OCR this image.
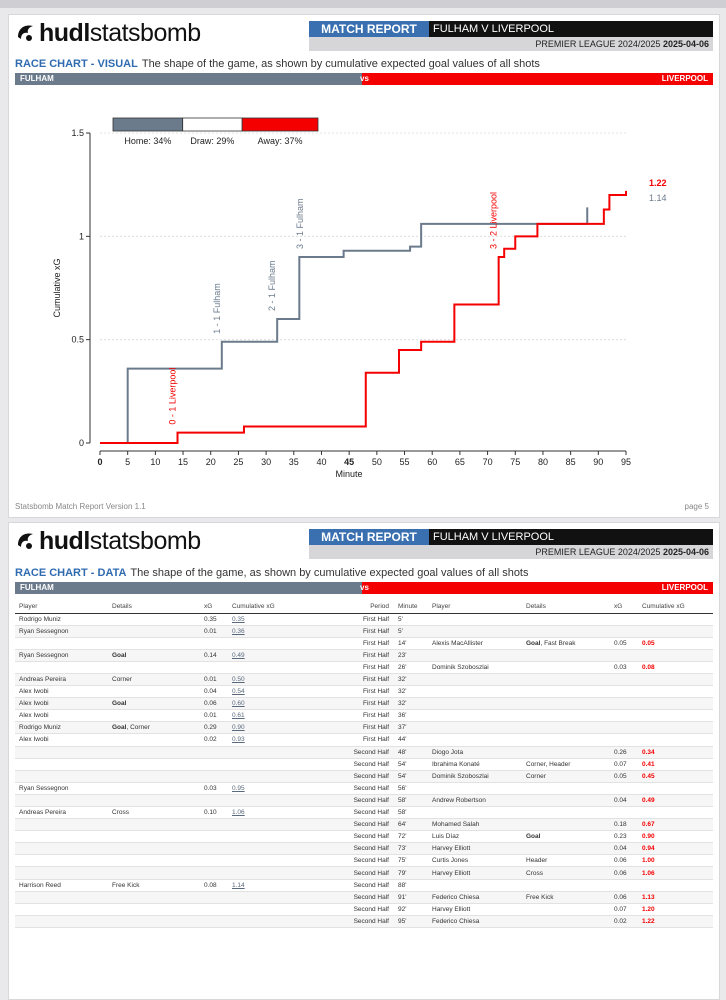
hudlstatsbomb	MATCH REPORT	FULHAM V LIVERPOOL
PREMIER LEAGUE 2024/2025 2025-04-06
RACE CHART - VISUAL The shape of the game, as shown by cumulative expected goal values of all shots
FULHAM	LIVERPOOL
vs
0
0.5
1
1.5
0	5 10 15 20 25 30 35 40 45 50 55 60 65 70 75 80 85 90 95
Minute
Cumulative xG
Home: 34% Draw: 29%	Away: 37%
1.14
1.22
0 - 1 Liverpool
1 - 1 Fulham	2 - 1 Fulham
3 - 1 Fulham	3 - 2 Liverpool
Statsbomb Match Report Version 1.1	page 5
hudlstatsbomb	MATCH REPORT	FULHAM V LIVERPOOL
PREMIER LEAGUE 2024/2025 2025-04-06
RACE CHART - DATA The shape of the game, as shown by cumulative expected goal values of all shots
FULHAM	LIVERPOOL
vs
Player	Details	xG	Cumulative xG	Period	Minute	Player	Details	xG	Cumulative xG
Rodrigo Muniz		0.35	0.35	First Half	5'				
Ryan Sessegnon		0.01	0.36	First Half	5'				
				First Half	14'	Alexis MacAllister	Goal, Fast Break	0.05	0.05
Ryan Sessegnon	Goal	0.14	0.49	First Half	23'				
				First Half	26'	Dominik Szoboszlai		0.03	0.08
Andreas Pereira	Corner	0.01	0.50	First Half	32'				
Alex Iwobi		0.04	0.54	First Half	32'				
Alex Iwobi	Goal	0.06	0.60	First Half	32'				
Alex Iwobi		0.01	0.61	First Half	36'				
Rodrigo Muniz	Goal, Corner	0.29	0.90	First Half	37'				
Alex Iwobi		0.02	0.93	First Half	44'				
				Second Half	48'	Diogo Jota		0.26	0.34
				Second Half	54'	Ibrahima Konaté	Corner, Header	0.07	0.41
				Second Half	54'	Dominik Szoboszlai	Corner	0.05	0.45
Ryan Sessegnon		0.03	0.95	Second Half	56'				
				Second Half	58'	Andrew Robertson		0.04	0.49
Andreas Pereira	Cross	0.10	1.06	Second Half	58'				
				Second Half	64'	Mohamed Salah		0.18	0.67
				Second Half	72'	Luis Díaz	Goal	0.23	0.90
				Second Half	73'	Harvey Elliott		0.04	0.94
				Second Half	75'	Curtis Jones	Header	0.06	1.00
				Second Half	79'	Harvey Elliott	Cross	0.06	1.06
Harrison Reed	Free Kick	0.08	1.14	Second Half	88'				
				Second Half	91'	Federico Chiesa	Free Kick	0.06	1.13
				Second Half	92'	Harvey Elliott		0.07	1.20
				Second Half	95'	Federico Chiesa		0.02	1.22
